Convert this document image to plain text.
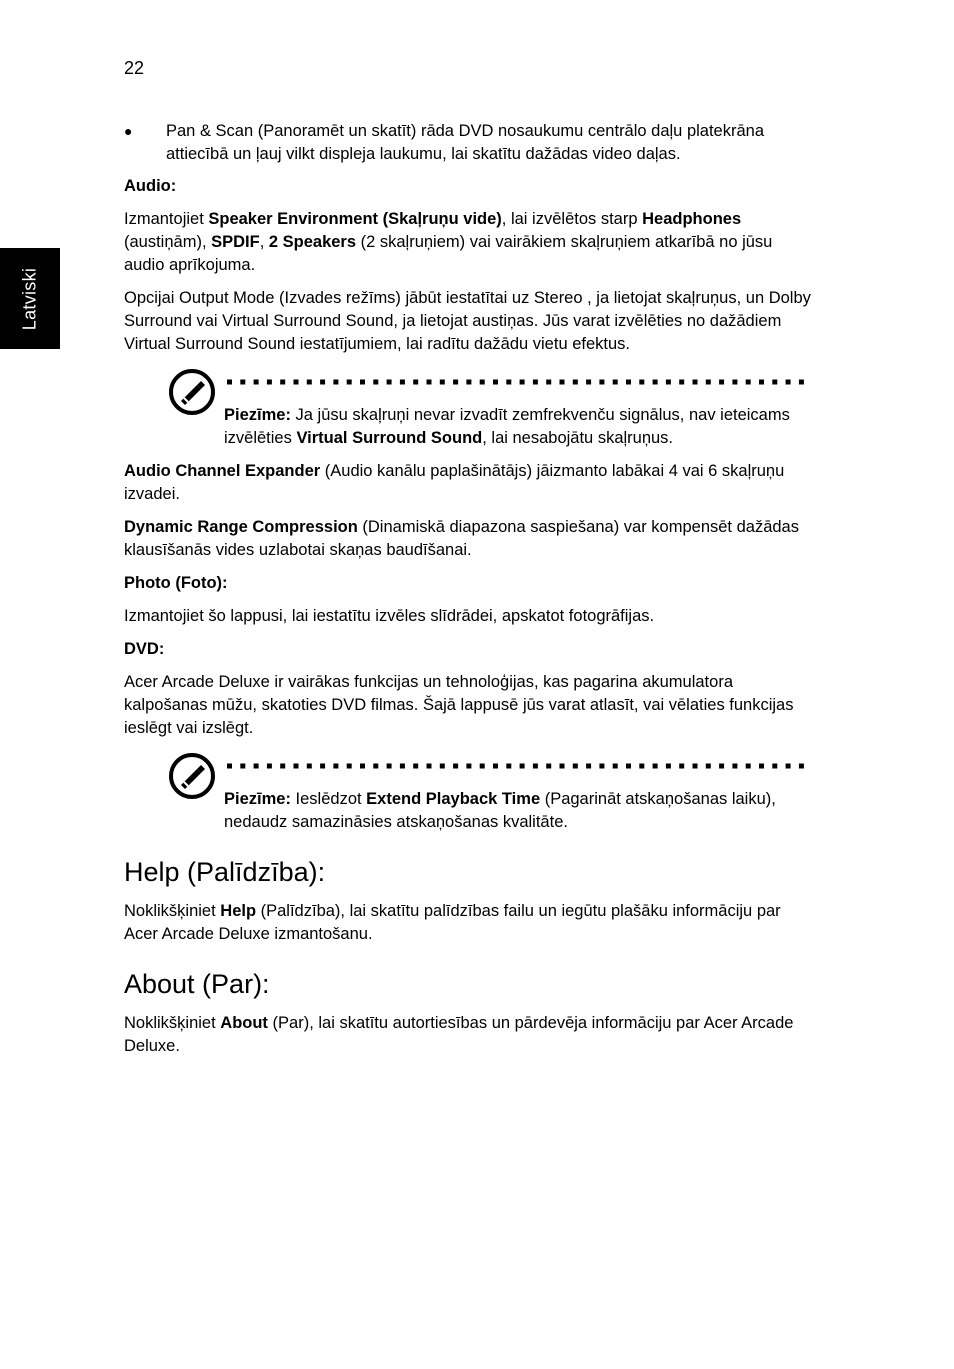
22
Latviski
● Pan & Scan (Panoramēt un skatīt) rāda DVD nosaukumu centrālo daļu platekrāna attiecībā un ļauj vilkt displeja laukumu, lai skatītu dažādas video daļas.

Audio:

Izmantojiet Speaker Environment (Skaļruņu vide), lai izvēlētos starp Headphones (austiņām), SPDIF, 2 Speakers (2 skaļruņiem) vai vairākiem skaļruņiem atkarībā no jūsu audio aprīkojuma.

Opcijai Output Mode (Izvades režīms) jābūt iestatītai uz Stereo , ja lietojat skaļruņus, un Dolby Surround vai Virtual Surround Sound, ja lietojat austiņas. Jūs varat izvēlēties no dažādiem Virtual Surround Sound iestatījumiem, lai radītu dažādu vietu efektus.

Piezīme: Ja jūsu skaļruņi nevar izvadīt zemfrekvenču signālus, nav ieteicams izvēlēties Virtual Surround Sound, lai nesabojātu skaļruņus.

Audio Channel Expander (Audio kanālu paplašinātājs) jāizmanto labākai 4 vai 6 skaļruņu izvadei.

Dynamic Range Compression (Dinamiskā diapazona saspiešana) var kompensēt dažādas klausīšanās vides uzlabotai skaņas baudīšanai.

Photo (Foto):

Izmantojiet šo lappusi, lai iestatītu izvēles slīdrādei, apskatot fotogrāfijas.

DVD:

Acer Arcade Deluxe ir vairākas funkcijas un tehnoloģijas, kas pagarina akumulatora kalpošanas mūžu, skatoties DVD filmas. Šajā lappusē jūs varat atlasīt, vai vēlaties funkcijas ieslēgt vai izslēgt.

Piezīme: Ieslēdzot Extend Playback Time (Pagarināt atskaņošanas laiku), nedaudz samazināsies atskaņošanas kvalitāte.

Help (Palīdzība):

Noklikšķiniet Help (Palīdzība), lai skatītu palīdzības failu un iegūtu plašāku informāciju par Acer Arcade Deluxe izmantošanu.

About (Par):

Noklikšķiniet About (Par), lai skatītu autortiesības un pārdevēja informāciju par Acer Arcade Deluxe.
